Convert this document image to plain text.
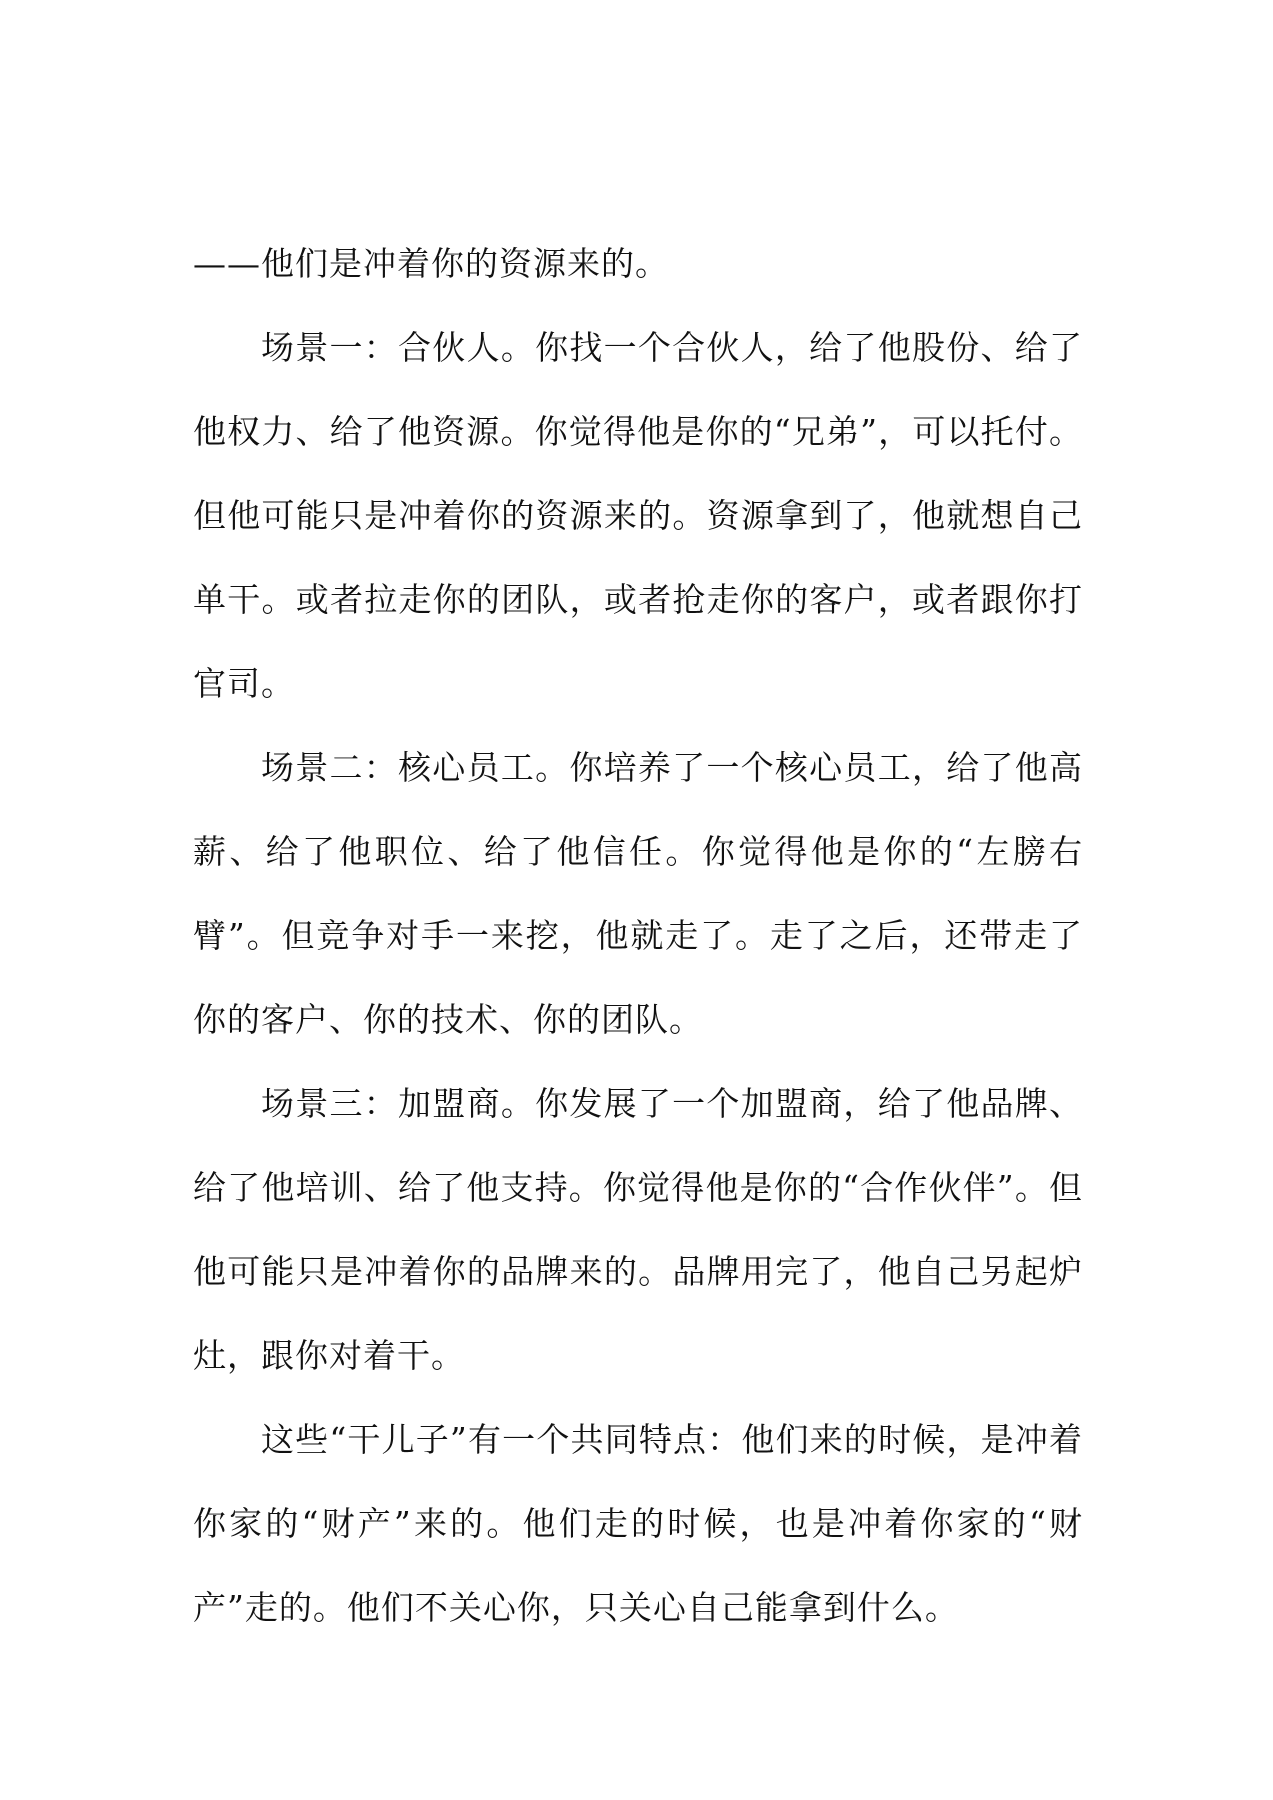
——他们是冲着你的资源来的。

场景一：合伙人。你找一个合伙人，给了他股份、给了他权力、给了他资源。你觉得他是你的“兄弟”，可以托付。但他可能只是冲着你的资源来的。资源拿到了，他就想自己单干。或者拉走你的团队，或者抢走你的客户，或者跟你打官司。

场景二：核心员工。你培养了一个核心员工，给了他高薪、给了他职位、给了他信任。你觉得他是你的“左膀右臂”。但竞争对手一来挖，他就走了。走了之后，还带走了你的客户、你的技术、你的团队。

场景三：加盟商。你发展了一个加盟商，给了他品牌、给了他培训、给了他支持。你觉得他是你的“合作伙伴”。但他可能只是冲着你的品牌来的。品牌用完了，他自己另起炉灶，跟你对着干。

这些“干儿子”有一个共同特点：他们来的时候，是冲着你家的“财产”来的。他们走的时候，也是冲着你家的“财产”走的。他们不关心你，只关心自己能拿到什么。
